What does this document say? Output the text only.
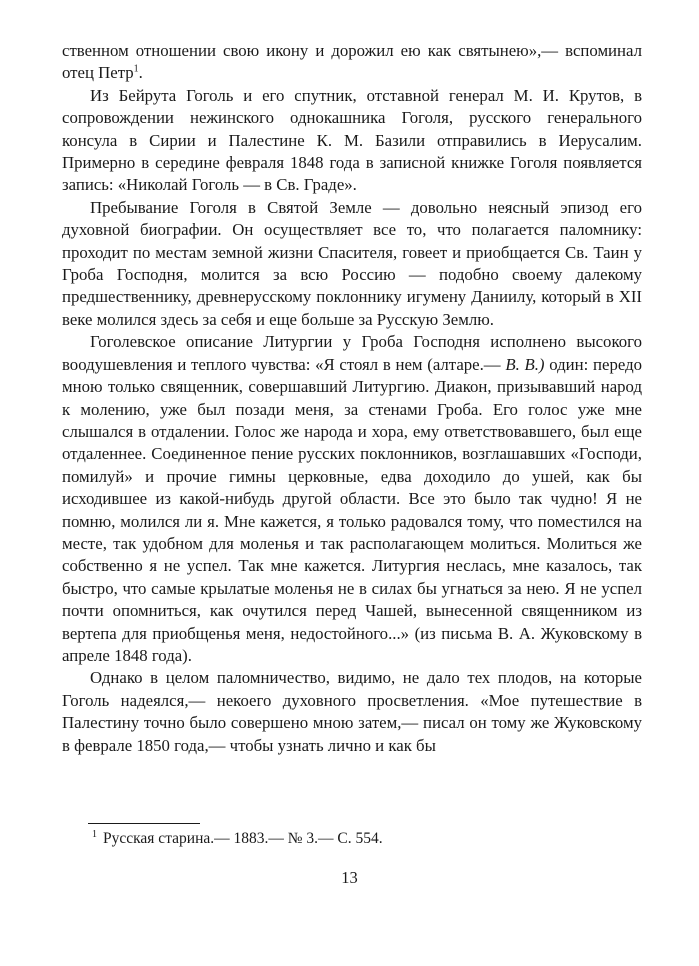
ственном отношении свою икону и дорожил ею как святынею»,— вспоминал отец Петр$^1$.

Из Бейрута Гоголь и его спутник, отставной генерал М. И. Крутов, в сопровождении нежинского однокашника Гоголя, русского генерального консула в Сирии и Палестине К. М. Базили отправились в Иерусалим. Примерно в середине февраля 1848 года в записной книжке Гоголя появляется запись: «Николай Гоголь — в Св. Граде».

Пребывание Гоголя в Святой Земле — довольно неясный эпизод его духовной биографии. Он осуществляет все то, что полагается паломнику: проходит по местам земной жизни Спасителя, говеет и приобщается Св. Таин у Гроба Господня, молится за всю Россию — подобно своему далекому предшественнику, древнерусскому поклоннику игумену Даниилу, который в XII веке молился здесь за себя и еще больше за Русскую Землю.

Гоголевское описание Литургии у Гроба Господня исполнено высокого воодушевления и теплого чувства: «Я стоял в нем (алтаре.— В. В.) один: передо мною только священник, совершавший Литургию. Диакон, призывавший народ к молению, уже был позади меня, за стенами Гроба. Его голос уже мне слышался в отдалении. Голос же народа и хора, ему ответствовавшего, был еще отдаленнее. Соединенное пение русских поклонников, возглашавших «Господи, помилуй» и прочие гимны церковные, едва доходило до ушей, как бы исходившее из какой-нибудь другой области. Все это было так чудно! Я не помню, молился ли я. Мне кажется, я только радовался тому, что поместился на месте, так удобном для моленья и так располагающем молиться. Молиться же собственно я не успел. Так мне кажется. Литургия неслась, мне казалось, так быстро, что самые крылатые моленья не в силах бы угнаться за нею. Я не успел почти опомниться, как очутился перед Чашей, вынесенной священником из вертепа для приобщенья меня, недостойного...» (из письма В. А. Жуковскому в апреле 1848 года).

Однако в целом паломничество, видимо, не дало тех плодов, на которые Гоголь надеялся,— некоего духовного просветления. «Мое путешествие в Палестину точно было совершено мною затем,— писал он тому же Жуковскому в феврале 1850 года,— чтобы узнать лично и как бы

$^1$ Русская старина.— 1883.— № 3.— С. 554.
13
